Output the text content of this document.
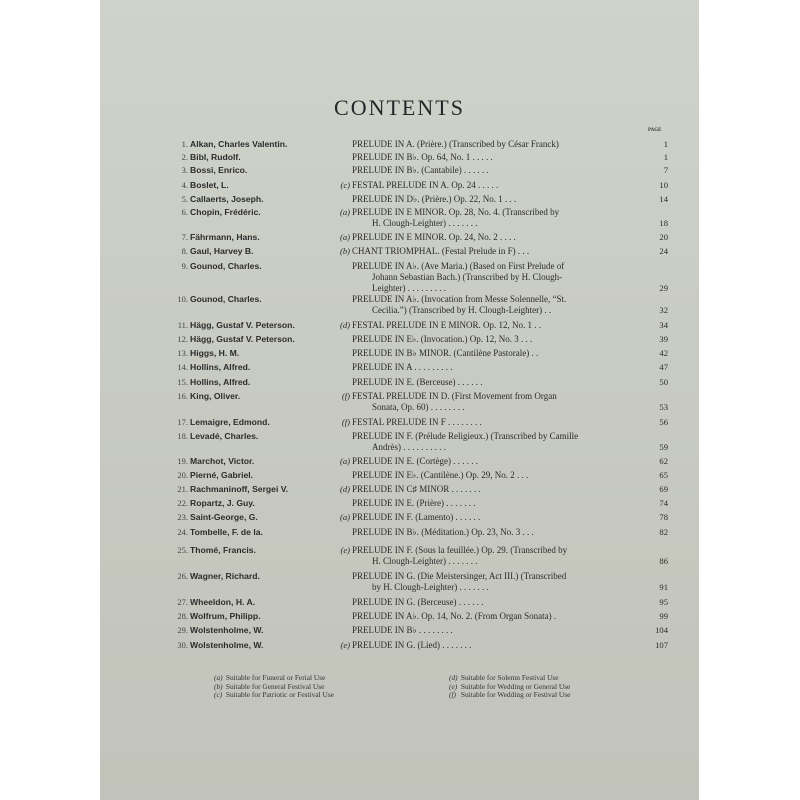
CONTENTS
PAGE
1. Alkan, Charles Valentin.	PRELUDE IN A. (Prière.) (Transcribed by César Franck)	1
2. Bibl, Rudolf.	PRELUDE IN B♭. Op. 64, No. 1 . . . . .	1
3. Bossi, Enrico.	PRELUDE IN B♭. (Cantabile) . . . . . .	7
4. Boslet, L.	(c) FESTAL PRELUDE IN A. Op. 24 . . . . .	10
5. Callaerts, Joseph.	PRELUDE IN D♭. (Prière.) Op. 22, No. 1 . . .	14
6. Chopin, Frédéric.	(a) PRELUDE IN E MINOR. Op. 28, No. 4. (Transcribed by
H. Clough-Leighter) . . . . . . .	18
7. Fährmann, Hans.	(a) PRELUDE IN E MINOR. Op. 24, No. 2 . . . .	20
8. Gaul, Harvey B.	(b) CHANT TRIOMPHAL. (Festal Prelude in F) . . .	24
9. Gounod, Charles.	PRELUDE IN A♭. (Ave Maria.) (Based on First Prelude of
Johann Sebastian Bach.) (Transcribed by H. Clough-
Leighter) . . . . . . . . .	29
10. Gounod, Charles.	PRELUDE IN A♭. (Invocation from Messe Solennelle, “St.
Cecilia.”) (Transcribed by H. Clough-Leighter) . .	32
11. Hägg, Gustaf V. Peterson.	(d) FESTAL PRELUDE IN E MINOR. Op. 12, No. 1 . .	34
12. Hägg, Gustaf V. Peterson.	PRELUDE IN E♭. (Invocation.) Op. 12, No. 3 . . .	39
13. Higgs, H. M.	PRELUDE IN B♭ MINOR. (Cantilène Pastorale) . .	42
14. Hollins, Alfred.	PRELUDE IN A . . . . . . . . .	47
15. Hollins, Alfred.	PRELUDE IN E. (Berceuse) . . . . . .	50
16. King, Oliver.	(f) FESTAL PRELUDE IN D. (First Movement from Organ
Sonata, Op. 60) . . . . . . . .	53
17. Lemaigre, Edmond.	(f) FESTAL PRELUDE IN F . . . . . . . .	56
18. Levadé, Charles.	PRELUDE IN F. (Prélude Religieux.) (Transcribed by Camille
Andrès) . . . . . . . . . .	59
19. Marchot, Victor.	(a) PRELUDE IN E. (Cortège) . . . . . .	62
20. Pierné, Gabriel.	PRELUDE IN E♭. (Cantilène.) Op. 29, No. 2 . . .	65
21. Rachmaninoff, Sergei V.	(d) PRELUDE IN C♯ MINOR . . . . . . .	69
22. Ropartz, J. Guy.	PRELUDE IN E. (Prière) . . . . . . .	74
23. Saint-George, G.	(a) PRELUDE IN F. (Lamento) . . . . . .	78
24. Tombelle, F. de la.	PRELUDE IN B♭. (Méditation.) Op. 23, No. 3 . . .	82
25. Thomé, Francis.	(e) PRELUDE IN F. (Sous la feuillée.) Op. 29. (Transcribed by
H. Clough-Leighter) . . . . . . .	86
26. Wagner, Richard.	PRELUDE IN G. (Die Meistersinger, Act III.) (Transcribed
by H. Clough-Leighter) . . . . . . .	91
27. Wheeldon, H. A.	PRELUDE IN G. (Berceuse) . . . . . .	95
28. Wolfrum, Philipp.	PRELUDE IN A♭. Op. 14, No. 2. (From Organ Sonata) .	99
29. Wolstenholme, W.	PRELUDE IN B♭ . . . . . . . .	104
30. Wolstenholme, W.	(e) PRELUDE IN G. (Lied) . . . . . . .	107
(a) Suitable for Funeral or Ferial Use
(b) Suitable for General Festival Use
(c) Suitable for Patriotic or Festival Use
(d) Suitable for Solemn Festival Use
(e) Suitable for Wedding or General Use
(f) Suitable for Wedding or Festival Use
